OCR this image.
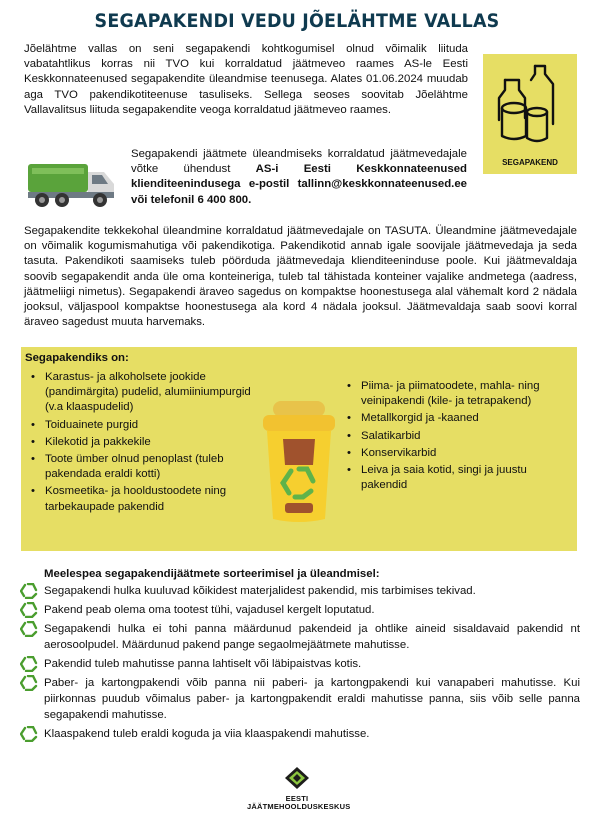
SEGAPAKENDI VEDU JÕELÄHTME VALLAS
Jõelähtme vallas on seni segapakendi kohtkogumisel olnud võimalik liituda vabatahtlikus korras nii TVO kui korraldatud jäätmeveo raames AS-le Eesti Keskkonnateenused segapakendite üleandmise teenusega. Alates 01.06.2024 muudab aga TVO pakendikotiteenuse tasuliseks. Sellega seoses soovitab Jõelähtme Vallavalitsus liituda segapakendite veoga korraldatud jäätmeveo raames.
SEGAPAKEND
Segapakendi jäätmete üleandmiseks korraldatud jäätmevedajale võtke ühendust AS-i Eesti Keskkonnateenused klienditeenindusega e-postil tallinn@keskkonnateenused.ee või telefonil 6 400 800.
Segapakendite tekkekohal üleandmine korraldatud jäätmevedajale on TASUTA. Üleandmine jäätmevedajale on võimalik kogumismahutiga või pakendikotiga. Pakendikotid annab igale soovijale jäätmevedaja ja seda tasuta. Pakendikoti saamiseks tuleb pöörduda jäätmevedaja klienditeeninduse poole. Kui jäätmevaldaja soovib segapakendit anda üle oma konteineriga, tuleb tal tähistada konteiner vajalike andmetega (aadress, jäätmeliigi nimetus). Segapakendi äraveo sagedus on kompaktse hoonestusega alal vähemalt kord 2 nädala jooksul, väljaspool kompaktse hoonestusega ala kord 4 nädala jooksul. Jäätmevaldaja saab soovi korral äraveo sagedust muuta harvemaks.
Segapakendiks on:
• Karastus- ja alkoholsete jookide (pandimärgita) pudelid, alumiiniumpurgid (v.a klaaspudelid)
• Toiduainete purgid
• Kilekotid ja pakkekile
• Toote ümber olnud penoplast (tuleb pakendada eraldi kotti)
• Kosmeetika- ja hooldustoodete ning tarbekaupade pakendid
• Piima- ja piimatoodete, mahla- ning veinipakendi (kile- ja tetrapakend)
• Metallkorgid ja -kaaned
• Salatikarbid
• Konservikarbid
• Leiva ja saia kotid, singi ja juustu pakendid
Meelespea segapakendijäätmete sorteerimisel ja üleandmisel:
Segapakendi hulka kuuluvad kõikidest materjalidest pakendid, mis tarbimises tekivad.
Pakend peab olema oma tootest tühi, vajadusel kergelt loputatud.
Segapakendi hulka ei tohi panna määrdunud pakendeid ja ohtlike aineid sisaldavaid pakendid nt aerosoolpudel. Määrdunud pakend pange segaolmejäätmete mahutisse.
Pakendid tuleb mahutisse panna lahtiselt või läbipaistvas kotis.
Paber- ja kartongpakendi võib panna nii paberi- ja kartongpakendi kui vanapaberi mahutisse. Kui piirkonnas puudub võimalus paber- ja kartongpakendit eraldi mahutisse panna, siis võib selle panna segapakendi mahutisse.
Klaaspakend tuleb eraldi koguda ja viia klaaspakendi mahutisse.
EESTI
JÄÄTMEHOOLDUSKESKUS
